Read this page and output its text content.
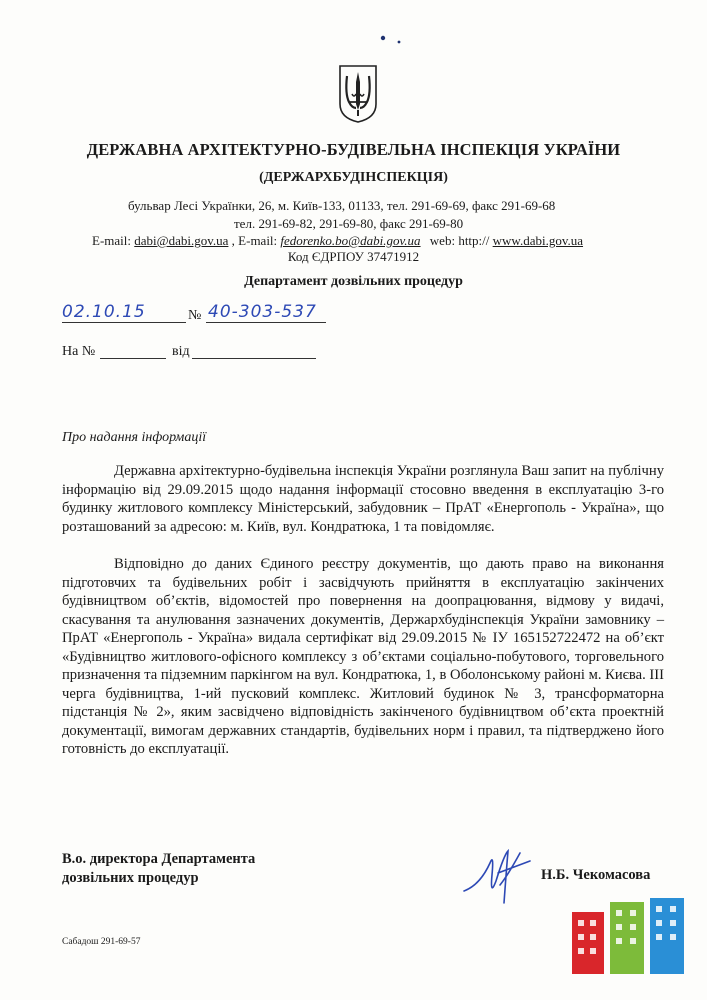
ДЕРЖАВНА АРХІТЕКТУРНО-БУДІВЕЛЬНА ІНСПЕКЦІЯ УКРАЇНИ
(ДЕРЖАРХБУДІНСПЕКЦІЯ)
бульвар Лесі Українки, 26, м. Київ-133, 01133, тел. 291-69-69, факс 291-69-68
тел. 291-69-82, 291-69-80, факс 291-69-80
E-mail: dabi@dabi.gov.ua , E-mail: fedorenko.bo@dabi.gov.ua web: http:// www.dabi.gov.ua
Код ЄДРПОУ 37471912
Департамент дозвільних процедур
02.10.15	№ 40-303-537
На №	від
Про надання інформації

Державна архітектурно-будівельна інспекція України розглянула Ваш запит на публічну інформацію від 29.09.2015 щодо надання інформації стосовно введення в експлуатацію 3-го будинку житлового комплексу Міністерський, забудовник – ПрАТ «Енергополь - Україна», що розташований за адресою: м. Київ, вул. Кондратюка, 1 та повідомляє.

Відповідно до даних Єдиного реєстру документів, що дають право на виконання підготовчих та будівельних робіт і засвідчують прийняття в експлуатацію закінчених будівництвом об’єктів, відомостей про повернення на доопрацювання, відмову у видачі, скасування та анулювання зазначених документів, Держархбудінспекція України замовнику – ПрАТ «Енергополь - Україна» видала сертифікат від 29.09.2015 № ІУ 165152722472 на об’єкт «Будівництво житлового-офісного комплексу з об’єктами соціально-побутового, торговельного призначення та підземним паркінгом на вул. Кондратюка, 1, в Оболонському районі м. Києва. ІІІ черга будівництва, 1-ий пусковий комплекс. Житловий будинок № 3, трансформаторна підстанція № 2», яким засвідчено відповідність закінченого будівництвом об’єкта проектній документації, вимогам державних стандартів, будівельних норм і правил, та підтверджено його готовність до експлуатації.

В.о. директора Департамента
дозвільних процедур	Н.Б. Чекомасова
Сабадош 291-69-57
